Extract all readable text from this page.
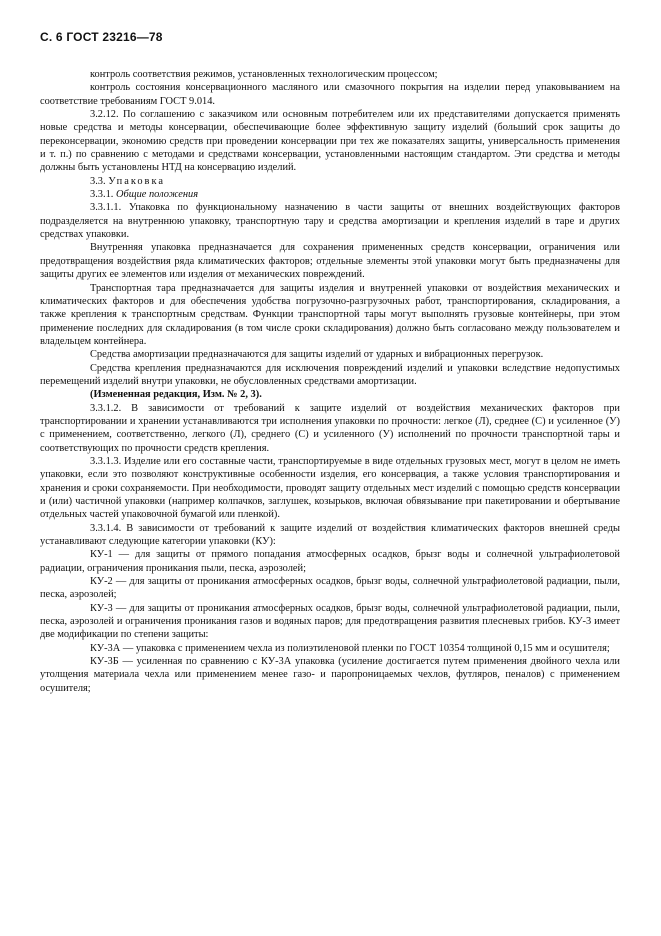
С. 6 ГОСТ 23216—78

контроль соответствия режимов, установленных технологическим процессом;

контроль состояния консервационного масляного или смазочного покрытия на изделии перед упаковыванием на соответствие требованиям ГОСТ 9.014.

3.2.12. По соглашению с заказчиком или основным потребителем или их представителями допускается применять новые средства и методы консервации, обеспечивающие более эффективную защиту изделий (больший срок защиты до переконсервации, экономию средств при проведении консервации при тех же показателях защиты, универсальность применения и т. п.) по сравнению с методами и средствами консервации, установленными настоящим стандартом. Эти средства и методы должны быть установлены НТД на консервацию изделий.

3.3. Упаковка

3.3.1. Общие положения

3.3.1.1. Упаковка по функциональному назначению в части защиты от внешних воздействующих факторов подразделяется на внутреннюю упаковку, транспортную тару и средства амортизации и крепления изделий в таре и других средствах упаковки.

Внутренняя упаковка предназначается для сохранения примененных средств консервации, ограничения или предотвращения воздействия ряда климатических факторов; отдельные элементы этой упаковки могут быть предназначены для защиты других ее элементов или изделия от механических повреждений.

Транспортная тара предназначается для защиты изделия и внутренней упаковки от воздействия механических и климатических факторов и для обеспечения удобства погрузочно-разгрузочных работ, транспортирования, складирования, а также крепления к транспортным средствам. Функции транспортной тары могут выполнять грузовые контейнеры, при этом применение последних для складирования (в том числе сроки складирования) должно быть согласовано между пользователем и владельцем контейнера.

Средства амортизации предназначаются для защиты изделий от ударных и вибрационных перегрузок.

Средства крепления предназначаются для исключения повреждений изделий и упаковки вследствие недопустимых перемещений изделий внутри упаковки, не обусловленных средствами амортизации.

(Измененная редакция, Изм. № 2, 3).

3.3.1.2. В зависимости от требований к защите изделий от воздействия механических факторов при транспортировании и хранении устанавливаются три исполнения упаковки по прочности: легкое (Л), среднее (С) и усиленное (У) с применением, соответственно, легкого (Л), среднего (С) и усиленного (У) исполнений по прочности транспортной тары и соответствующих по прочности средств крепления.

3.3.1.3. Изделие или его составные части, транспортируемые в виде отдельных грузовых мест, могут в целом не иметь упаковки, если это позволяют конструктивные особенности изделия, его консервация, а также условия транспортирования и хранения и сроки сохраняемости. При необходимости, проводят защиту отдельных мест изделий с помощью средств консервации и (или) частичной упаковки (например колпачков, заглушек, козырьков, включая обвязывание при пакетировании и обертывание отдельных частей упаковочной бумагой или пленкой).

3.3.1.4. В зависимости от требований к защите изделий от воздействия климатических факторов внешней среды устанавливают следующие категории упаковки (КУ):

КУ-1 — для защиты от прямого попадания атмосферных осадков, брызг воды и солнечной ультрафиолетовой радиации, ограничения проникания пыли, песка, аэрозолей;

КУ-2 — для защиты от проникания атмосферных осадков, брызг воды, солнечной ультрафиолетовой радиации, пыли, песка, аэрозолей;

КУ-3 — для защиты от проникания атмосферных осадков, брызг воды, солнечной ультрафиолетовой радиации, пыли, песка, аэрозолей и ограничения проникания газов и водяных паров; для предотвращения развития плесневых грибов. КУ-3 имеет две модификации по степени защиты:

КУ-3А — упаковка с применением чехла из полиэтиленовой пленки по ГОСТ 10354 толщиной 0,15 мм и осушителя;

КУ-3Б — усиленная по сравнению с КУ-3А упаковка (усиление достигается путем применения двойного чехла или утолщения материала чехла или применением менее газо- и паропроницаемых чехлов, футляров, пеналов) с применением осушителя;
